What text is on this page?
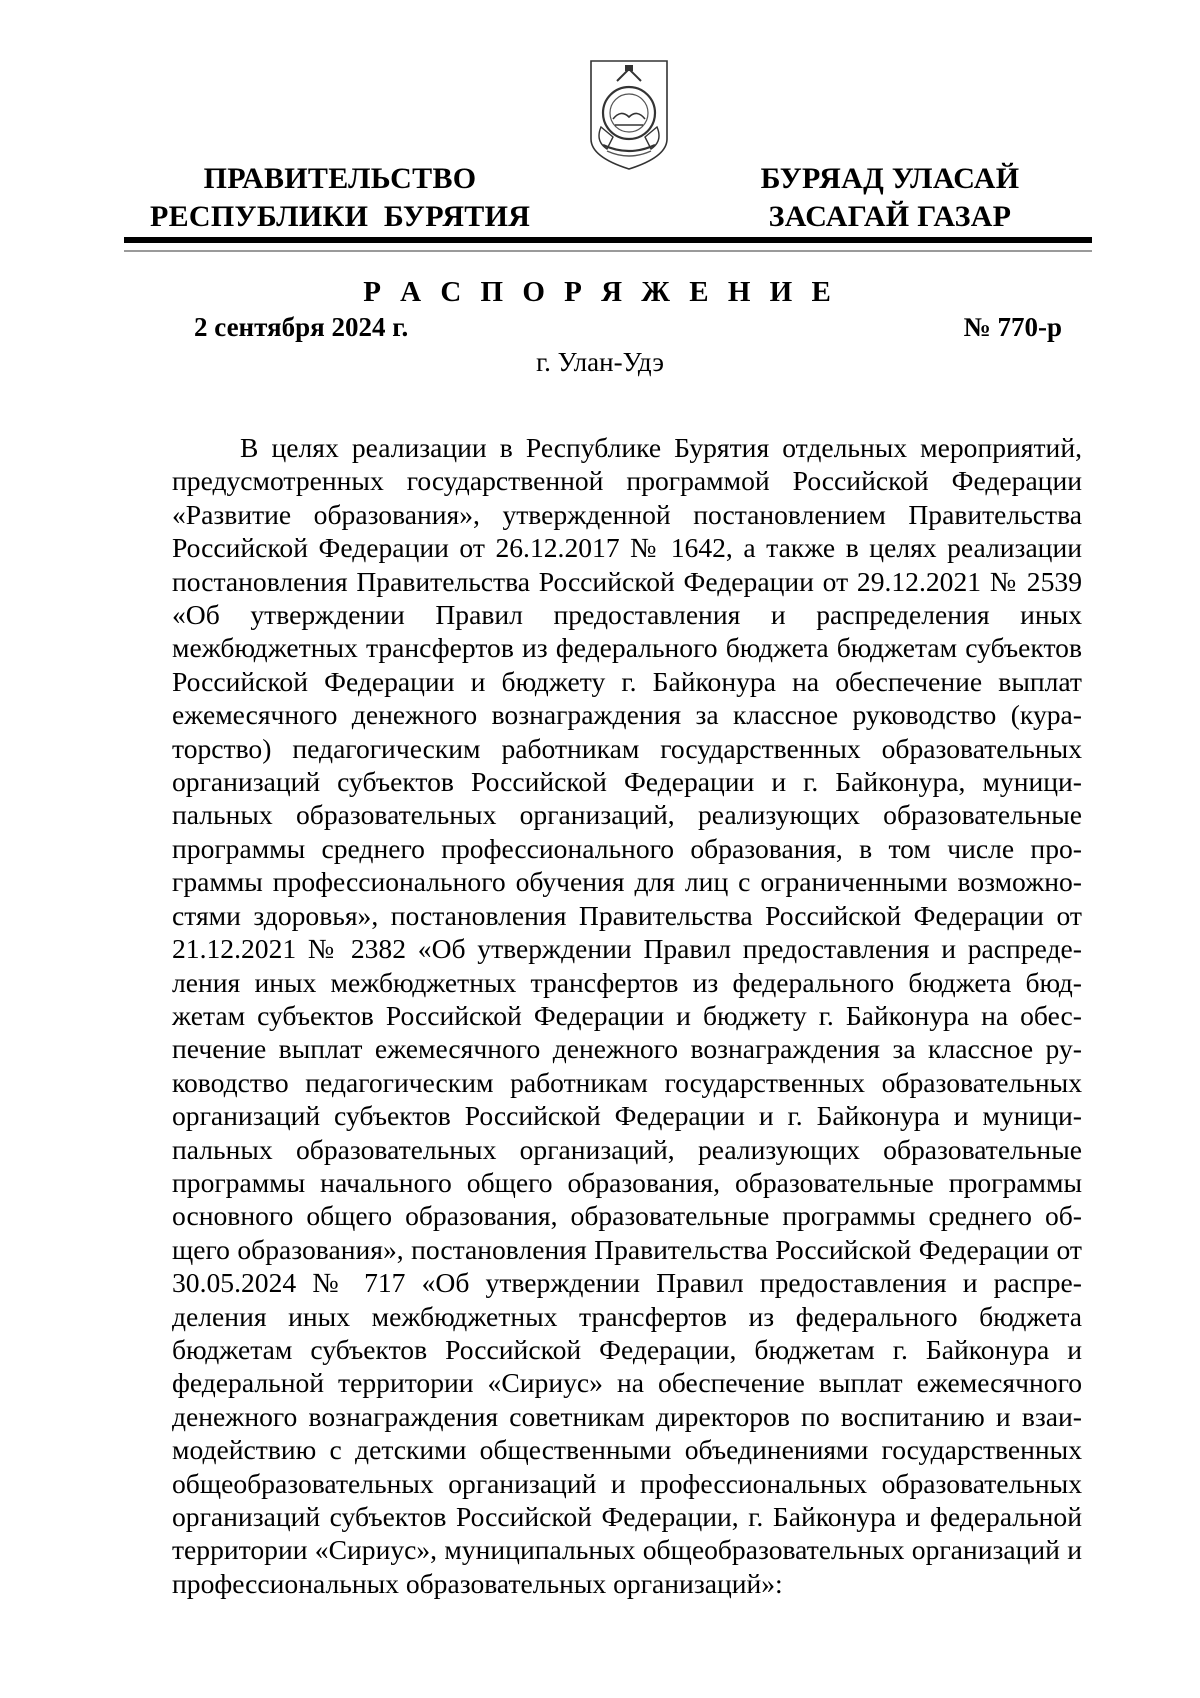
ПРАВИТЕЛЬСТВО
РЕСПУБЛИКИ  БУРЯТИЯ
БУРЯАД УЛАСАЙ
ЗАСАГАЙ ГАЗАР
Р А С П О Р Я Ж Е Н И Е
2 сентября 2024 г.	№ 770-р
г. Улан-Удэ

В целях реализации в Республике Бурятия отдельных мероприятий, предусмотренных государственной программой Российской Федерации «Развитие образования», утвержденной постановлением Правительства Российской Федерации от 26.12.2017 № 1642, а также в целях реализации постановления Правительства Российской Федерации от 29.12.2021 № 2539 «Об утверждении Правил предоставления и распределения иных межбюджетных трансфертов из федерального бюджета бюджетам субъектов Российской Федерации и бюджету г. Байконура на обеспечение выплат ежемесячного денежного вознаграждения за классное руководство (кураторство) педагогическим работникам государственных образовательных организаций субъектов Российской Федерации и г. Байконура, муниципальных образовательных организаций, реализующих образовательные программы среднего профессионального образования, в том числе программы профессионального обучения для лиц с ограниченными возможностями здоровья», постановления Правительства Российской Федерации от 21.12.2021 № 2382 «Об утверждении Правил предоставления и распределения иных межбюджетных трансфертов из федерального бюджета бюджетам субъектов Российской Федерации и бюджету г. Байконура на обеспечение выплат ежемесячного денежного вознаграждения за классное руководство педагогическим работникам государственных образовательных организаций субъектов Российской Федерации и г. Байконура и муниципальных образовательных организаций, реализующих образовательные программы начального общего образования, образовательные программы основного общего образования, образовательные программы среднего общего образования», постановления Правительства Российской Федерации от 30.05.2024 № 717 «Об утверждении Правил предоставления и распределения иных межбюджетных трансфертов из федерального бюджета бюджетам субъектов Российской Федерации, бюджетам г. Байконура и федеральной территории «Сириус» на обеспечение выплат ежемесячного денежного вознаграждения советникам директоров по воспитанию и взаимодействию с детскими общественными объединениями государственных общеобразовательных организаций и профессиональных образовательных организаций субъектов Российской Федерации, г. Байконура и федеральной территории «Сириус», муниципальных общеобразовательных организаций и профессиональных образовательных организаций»:
